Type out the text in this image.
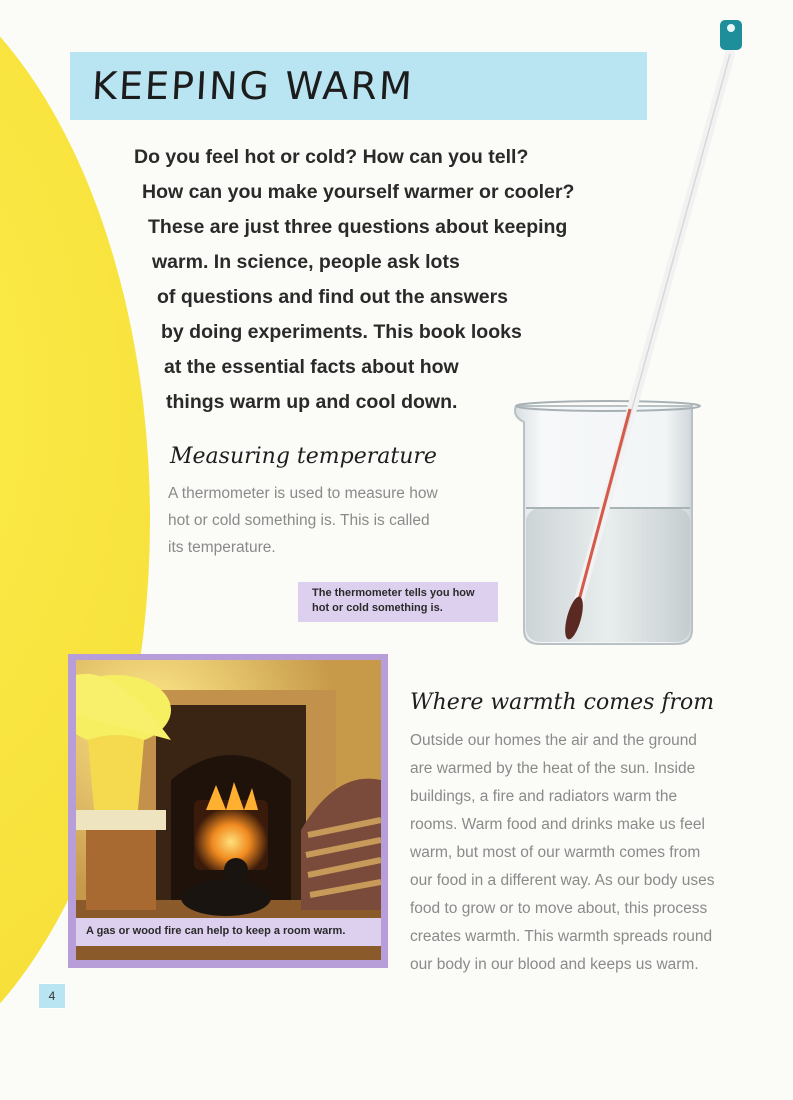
KEEPING WARM
Do you feel hot or cold? How can you tell?
How can you make yourself warmer or cooler?
These are just three questions about keeping
warm. In science, people ask lots
of questions and find out the answers
by doing experiments. This book looks
at the essential facts about how
things warm up and cool down.
Measuring temperature
A thermometer is used to measure how
hot or cold something is. This is called
its temperature.
The thermometer tells you how
hot or cold something is.
Where warmth comes from
Outside our homes the air and the ground
are warmed by the heat of the sun. Inside
buildings, a fire and radiators warm the
rooms. Warm food and drinks make us feel
warm, but most of our warmth comes from
our food in a different way. As our body uses
food to grow or to move about, this process
creates warmth. This warmth spreads round
our body in our blood and keeps us warm.
A gas or wood fire can help to keep a room warm.
4
